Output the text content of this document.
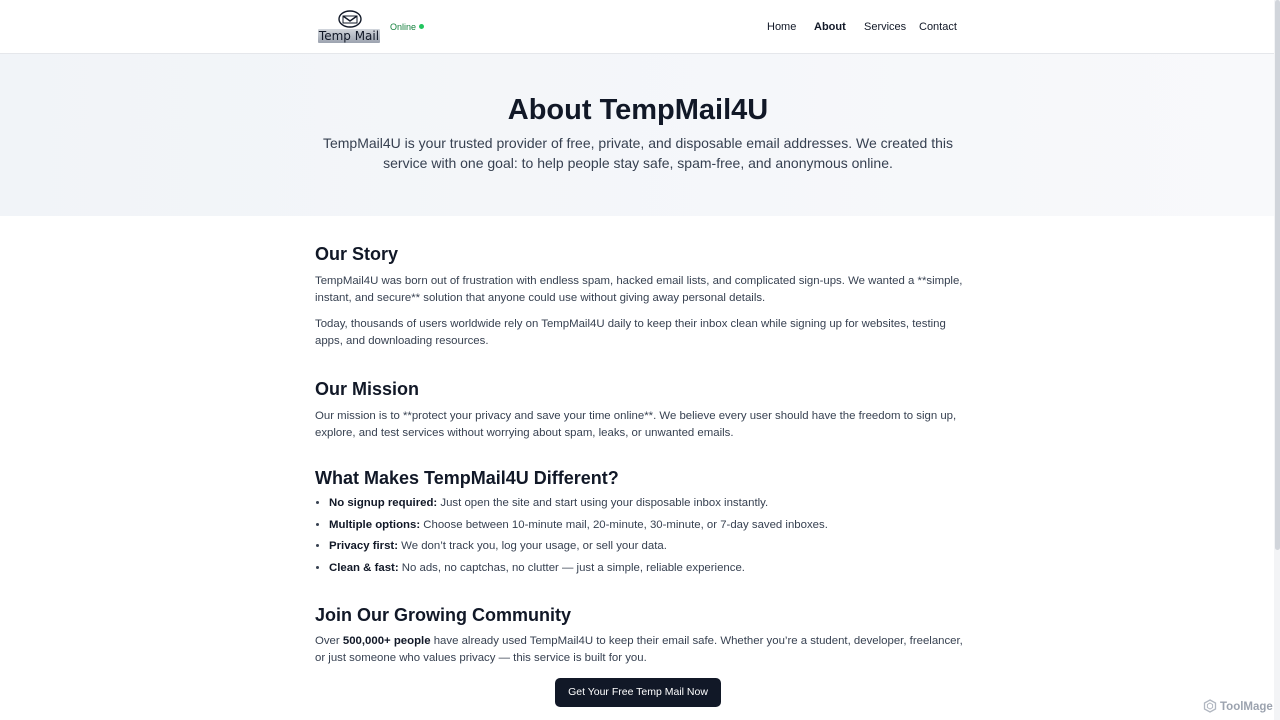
Temp Mail
Online	Home About Services Contact
About TempMail4U

TempMail4U is your trusted provider of free, private, and disposable email addresses. We created this service with one goal: to help people stay safe, spam-free, and anonymous online.

Our Story

TempMail4U was born out of frustration with endless spam, hacked email lists, and complicated sign-ups. We wanted a **simple, instant, and secure** solution that anyone could use without giving away personal details.

Today, thousands of users worldwide rely on TempMail4U daily to keep their inbox clean while signing up for websites, testing apps, and downloading resources.

Our Mission

Our mission is to **protect your privacy and save your time online**. We believe every user should have the freedom to sign up, explore, and test services without worrying about spam, leaks, or unwanted emails.

What Makes TempMail4U Different?
• No signup required: Just open the site and start using your disposable inbox instantly.
• Multiple options: Choose between 10-minute mail, 20-minute, 30-minute, or 7-day saved inboxes.
• Privacy first: We don’t track you, log your usage, or sell your data.
• Clean & fast: No ads, no captchas, no clutter — just a simple, reliable experience.
Join Our Growing Community

Over 500,000+ people have already used TempMail4U to keep their email safe. Whether you’re a student, developer, freelancer, or just someone who values privacy — this service is built for you.

Get Your Free Temp Mail Now
ToolMage
